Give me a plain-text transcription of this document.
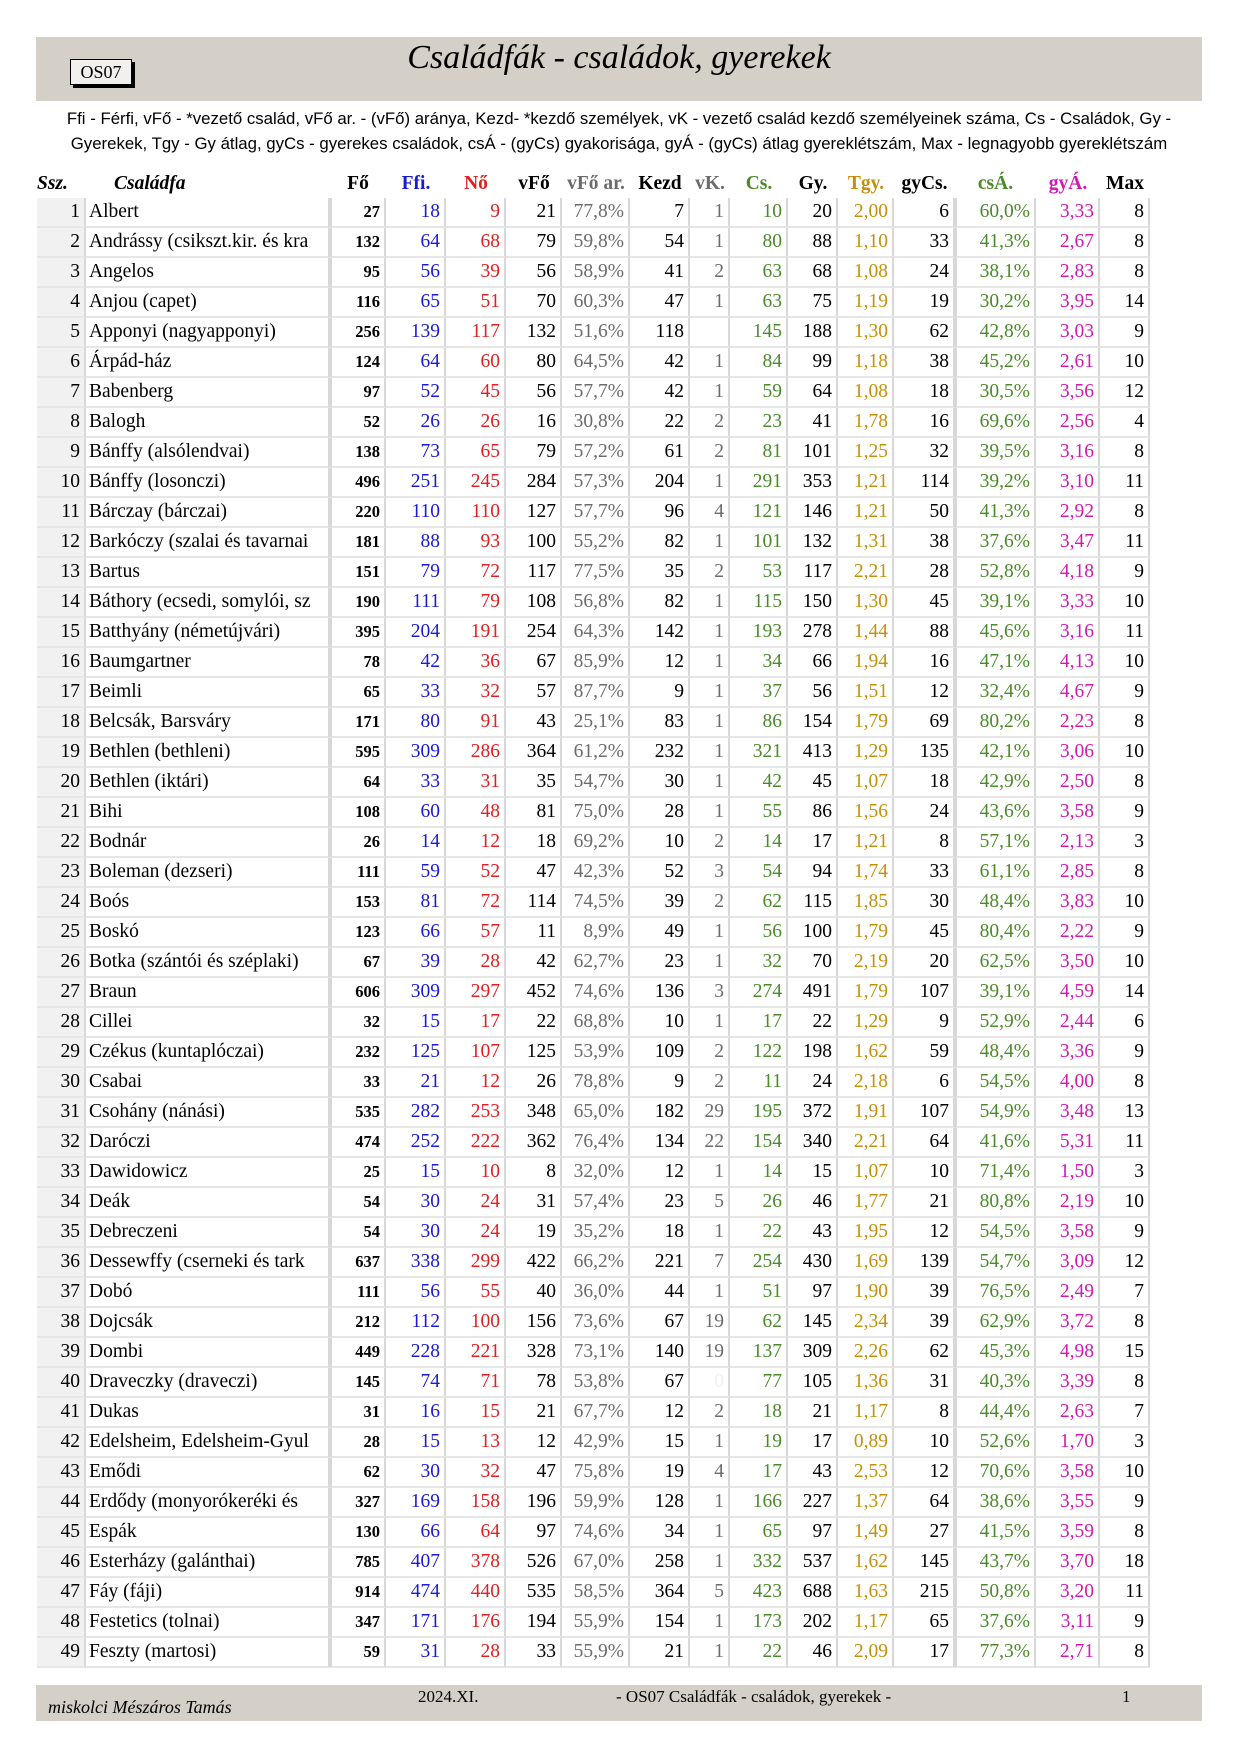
OS07	Családfák - családok, gyerekek
Ffi - Férfi, vFő - *vezető család, vFő ar. - (vFő) aránya, Kezd- *kezdő személyek, vK - vezető család kezdő személyeinek száma, Cs - Családok, Gy -
Gyerekek, Tgy - Gy átlag, gyCs - gyerekes családok, csÁ - (gyCs) gyakorisága, gyÁ - (gyCs) átlag gyereklétszám, Max - legnagyobb gyereklétszám
Ssz.	Családfa	Fő	Ffi.	Nő	vFő	vFő ar.	Kezd	vK.	Cs.	Gy.	Tgy.	gyCs.	csÁ.	gyÁ.	Max
1	Albert	27	18	9	21	77,8%	7	1	10	20	2,00	6	60,0%	3,33	8
2	Andrássy (csikszt.kir. és kra	132	64	68	79	59,8%	54	1	80	88	1,10	33	41,3%	2,67	8
3	Angelos	95	56	39	56	58,9%	41	2	63	68	1,08	24	38,1%	2,83	8
4	Anjou (capet)	116	65	51	70	60,3%	47	1	63	75	1,19	19	30,2%	3,95	14
5	Apponyi (nagyapponyi)	256	139	117	132	51,6%	118		145	188	1,30	62	42,8%	3,03	9
6	Árpád-ház	124	64	60	80	64,5%	42	1	84	99	1,18	38	45,2%	2,61	10
7	Babenberg	97	52	45	56	57,7%	42	1	59	64	1,08	18	30,5%	3,56	12
8	Balogh	52	26	26	16	30,8%	22	2	23	41	1,78	16	69,6%	2,56	4
9	Bánffy (alsólendvai)	138	73	65	79	57,2%	61	2	81	101	1,25	32	39,5%	3,16	8
10	Bánffy (losonczi)	496	251	245	284	57,3%	204	1	291	353	1,21	114	39,2%	3,10	11
11	Bárczay (bárczai)	220	110	110	127	57,7%	96	4	121	146	1,21	50	41,3%	2,92	8
12	Barkóczy (szalai és tavarnai	181	88	93	100	55,2%	82	1	101	132	1,31	38	37,6%	3,47	11
13	Bartus	151	79	72	117	77,5%	35	2	53	117	2,21	28	52,8%	4,18	9
14	Báthory (ecsedi, somylói, sz	190	111	79	108	56,8%	82	1	115	150	1,30	45	39,1%	3,33	10
15	Batthyány (németújvári)	395	204	191	254	64,3%	142	1	193	278	1,44	88	45,6%	3,16	11
16	Baumgartner	78	42	36	67	85,9%	12	1	34	66	1,94	16	47,1%	4,13	10
17	Beimli	65	33	32	57	87,7%	9	1	37	56	1,51	12	32,4%	4,67	9
18	Belcsák, Barsváry	171	80	91	43	25,1%	83	1	86	154	1,79	69	80,2%	2,23	8
19	Bethlen (bethleni)	595	309	286	364	61,2%	232	1	321	413	1,29	135	42,1%	3,06	10
20	Bethlen (iktári)	64	33	31	35	54,7%	30	1	42	45	1,07	18	42,9%	2,50	8
21	Bihi	108	60	48	81	75,0%	28	1	55	86	1,56	24	43,6%	3,58	9
22	Bodnár	26	14	12	18	69,2%	10	2	14	17	1,21	8	57,1%	2,13	3
23	Boleman (dezseri)	111	59	52	47	42,3%	52	3	54	94	1,74	33	61,1%	2,85	8
24	Boós	153	81	72	114	74,5%	39	2	62	115	1,85	30	48,4%	3,83	10
25	Boskó	123	66	57	11	8,9%	49	1	56	100	1,79	45	80,4%	2,22	9
26	Botka (szántói és széplaki)	67	39	28	42	62,7%	23	1	32	70	2,19	20	62,5%	3,50	10
27	Braun	606	309	297	452	74,6%	136	3	274	491	1,79	107	39,1%	4,59	14
28	Cillei	32	15	17	22	68,8%	10	1	17	22	1,29	9	52,9%	2,44	6
29	Czékus (kuntaplóczai)	232	125	107	125	53,9%	109	2	122	198	1,62	59	48,4%	3,36	9
30	Csabai	33	21	12	26	78,8%	9	2	11	24	2,18	6	54,5%	4,00	8
31	Csohány (nánási)	535	282	253	348	65,0%	182	29	195	372	1,91	107	54,9%	3,48	13
32	Daróczi	474	252	222	362	76,4%	134	22	154	340	2,21	64	41,6%	5,31	11
33	Dawidowicz	25	15	10	8	32,0%	12	1	14	15	1,07	10	71,4%	1,50	3
34	Deák	54	30	24	31	57,4%	23	5	26	46	1,77	21	80,8%	2,19	10
35	Debreczeni	54	30	24	19	35,2%	18	1	22	43	1,95	12	54,5%	3,58	9
36	Dessewffy (cserneki és tark	637	338	299	422	66,2%	221	7	254	430	1,69	139	54,7%	3,09	12
37	Dobó	111	56	55	40	36,0%	44	1	51	97	1,90	39	76,5%	2,49	7
38	Dojcsák	212	112	100	156	73,6%	67	19	62	145	2,34	39	62,9%	3,72	8
39	Dombi	449	228	221	328	73,1%	140	19	137	309	2,26	62	45,3%	4,98	15
40	Draveczky (draveczi)	145	74	71	78	53,8%	67	0	77	105	1,36	31	40,3%	3,39	8
41	Dukas	31	16	15	21	67,7%	12	2	18	21	1,17	8	44,4%	2,63	7
42	Edelsheim, Edelsheim-Gyul	28	15	13	12	42,9%	15	1	19	17	0,89	10	52,6%	1,70	3
43	Emődi	62	30	32	47	75,8%	19	4	17	43	2,53	12	70,6%	3,58	10
44	Erdődy (monyorókeréki és	327	169	158	196	59,9%	128	1	166	227	1,37	64	38,6%	3,55	9
45	Espák	130	66	64	97	74,6%	34	1	65	97	1,49	27	41,5%	3,59	8
46	Esterházy (galánthai)	785	407	378	526	67,0%	258	1	332	537	1,62	145	43,7%	3,70	18
47	Fáy (fáji)	914	474	440	535	58,5%	364	5	423	688	1,63	215	50,8%	3,20	11
48	Festetics (tolnai)	347	171	176	194	55,9%	154	1	173	202	1,17	65	37,6%	3,11	9
49	Feszty (martosi)	59	31	28	33	55,9%	21	1	22	46	2,09	17	77,3%	2,71	8
miskolci Mészáros Tamás
2024.XI.	- OS07 Családfák - családok, gyerekek -	1
